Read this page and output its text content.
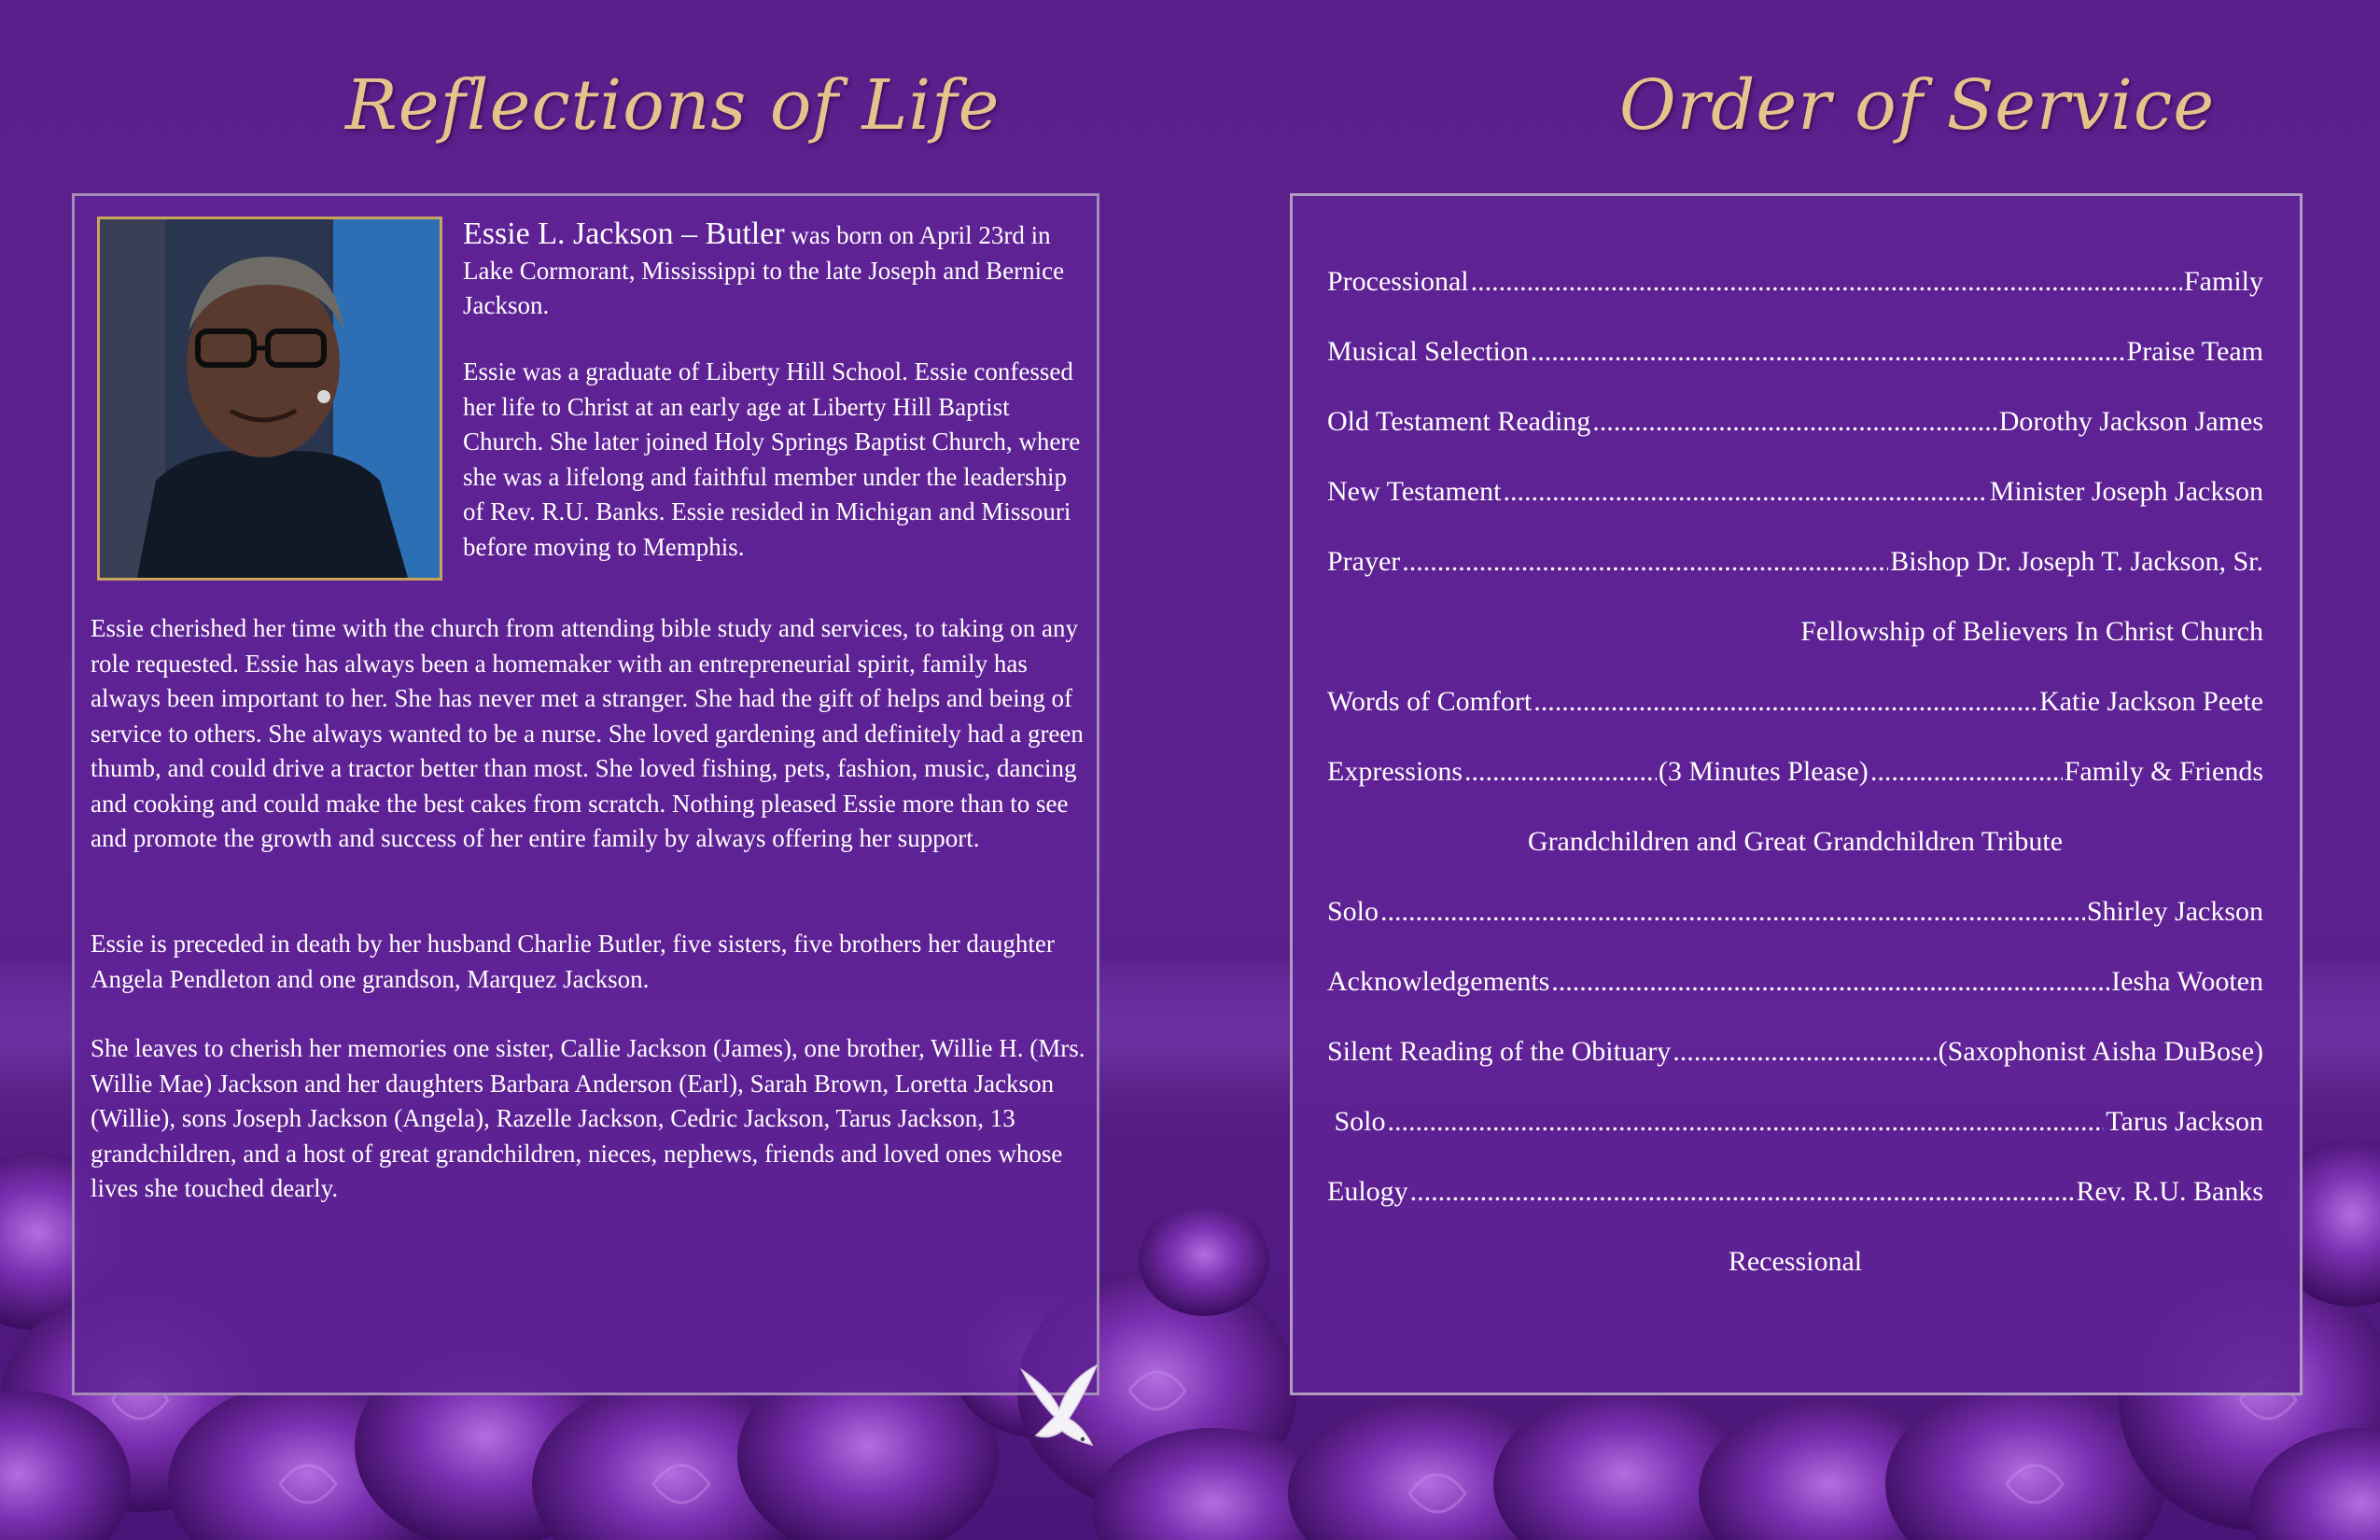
Reflections of Life

Essie L. Jackson – Butler was born on April 23rd in Lake Cormorant, Mississippi to the late Joseph and Bernice Jackson.

Essie was a graduate of Liberty Hill School. Essie confessed her life to Christ at an early age at Liberty Hill Baptist Church. She later joined Holy Springs Baptist Church, where she was a lifelong and faithful member under the leadership of Rev. R.U. Banks. Essie resided in Michigan and Missouri before moving to Memphis.

Essie cherished her time with the church from attending bible study and services, to taking on any role requested. Essie has always been a homemaker with an entrepreneurial spirit, family has always been important to her. She has never met a stranger. She had the gift of helps and being of service to others. She always wanted to be a nurse. She loved gardening and definitely had a green thumb, and could drive a tractor better than most. She loved fishing, pets, fashion, music, dancing and cooking and could make the best cakes from scratch. Nothing pleased Essie more than to see and promote the growth and success of her entire family by always offering her support.

Essie is preceded in death by her husband Charlie Butler, five sisters, five brothers her daughter Angela Pendleton and one grandson, Marquez Jackson.

She leaves to cherish her memories one sister, Callie Jackson (James), one brother, Willie H. (Mrs. Willie Mae) Jackson and her daughters Barbara Anderson (Earl), Sarah Brown, Loretta Jackson (Willie), sons Joseph Jackson (Angela), Razelle Jackson, Cedric Jackson, Tarus Jackson, 13 grandchildren, and a host of great grandchildren, nieces, nephews, friends and loved ones whose lives she touched dearly.

Order of Service
Processional .....	Family
Musical Selection .....	Praise Team
Old Testament Reading .....	Dorothy Jackson James
New Testament .....	Minister Joseph Jackson
Prayer .....	Bishop Dr. Joseph T. Jackson, Sr.
Fellowship of Believers In Christ Church
Words of Comfort .....	Katie Jackson Peete
Expressions .....	(3 Minutes Please) .....	Family & Friends
Grandchildren and Great Grandchildren Tribute
Solo .....	Shirley Jackson
Acknowledgements .....	Iesha Wooten
Silent Reading of the Obituary .....	(Saxophonist Aisha DuBose)
Solo .....	Tarus Jackson
Eulogy .....	Rev. R.U. Banks
Recessional
